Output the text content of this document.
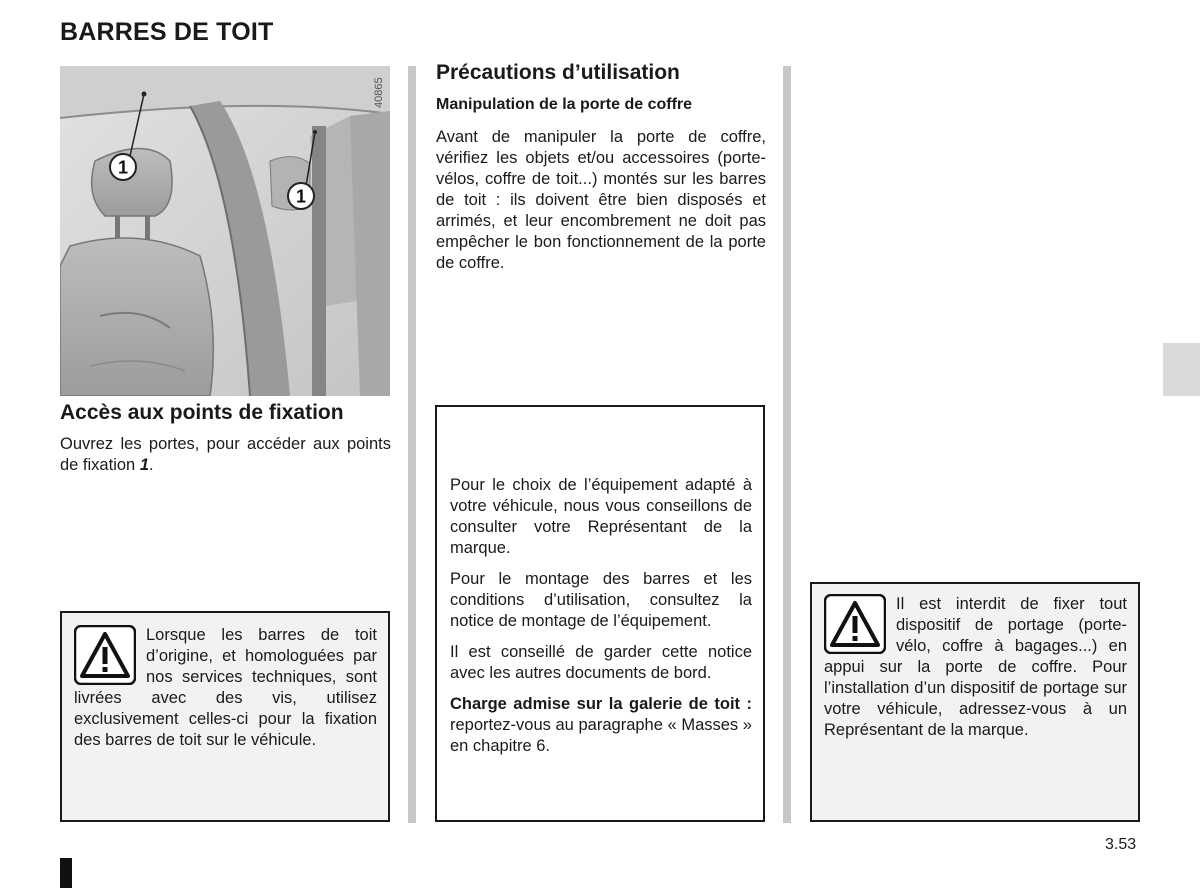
BARRES DE TOIT
1
1
40865
Accès aux points de fixation

Ouvrez les portes, pour accéder aux points de fixation 1.

Lorsque les barres de toit d’origine, et homologuées par nos services techniques, sont livrées avec des vis, utilisez exclusivement celles-ci pour la fixation des barres de toit sur le véhicule.

Précautions d’utilisation
Manipulation de la porte de coffre

Avant de manipuler la porte de coffre, vérifiez les objets et/ou accessoires (porte-vélos, coffre de toit...) montés sur les barres de toit : ils doivent être bien disposés et arrimés, et leur encombrement ne doit pas empêcher le bon fonctionnement de la porte de coffre.

Pour le choix de l’équipement adapté à votre véhicule, nous vous conseillons de consulter votre Représentant de la marque.

Pour le montage des barres et les conditions d’utilisation, consultez la notice de montage de l’équipement.

Il est conseillé de garder cette notice avec les autres documents de bord.

Charge admise sur la galerie de toit : reportez-vous au paragraphe « Masses » en chapitre 6.

Il est interdit de fixer tout dispositif de portage (porte-vélo, coffre à bagages...) en appui sur la porte de coffre. Pour l’installation d’un dispositif de portage sur votre véhicule, adressez-vous à un Représentant de la marque.

3.53
